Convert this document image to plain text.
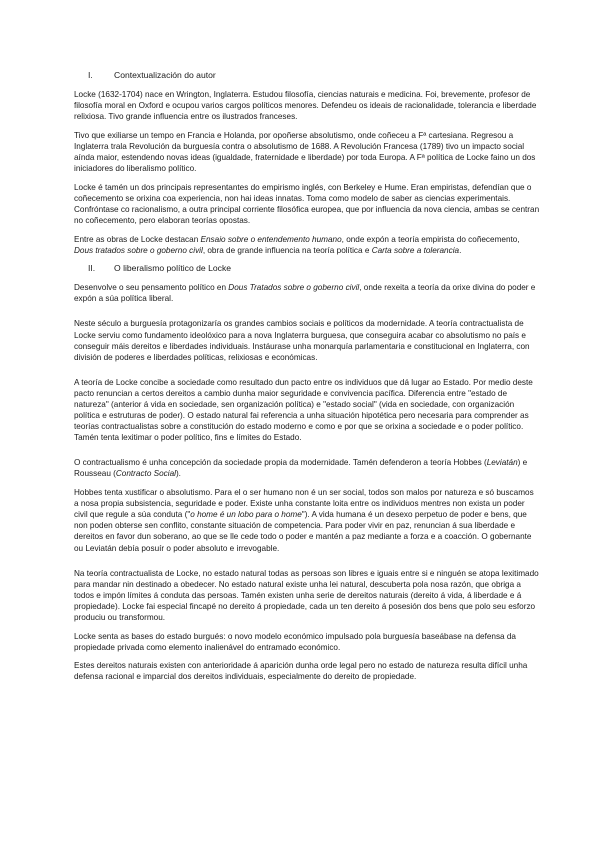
I.	Contextualización do autor

Locke (1632-1704) nace en Wrington, Inglaterra. Estudou filosofía, ciencias naturais e medicina. Foi, brevemente, profesor de filosofía moral en Oxford e ocupou varios cargos políticos menores. Defendeu os ideais de racionalidade, tolerancia e liberdade relixiosa. Tivo grande influencia entre os ilustrados franceses.

Tivo que exiliarse un tempo en Francia e Holanda, por opoñerse absolutismo, onde coñeceu a Fª cartesiana. Regresou a Inglaterra trala Revolución da burguesía contra o absolutismo de 1688. A Revolución Francesa (1789) tivo un impacto social aínda maior, estendendo novas ideas (igualdade, fraternidade e liberdade) por toda Europa. A Fª política de Locke faino un dos iniciadores do liberalismo político.

Locke é tamén un dos principais representantes do empirismo inglés, con Berkeley e Hume. Eran empiristas, defendían que o coñecemento se orixina coa experiencia, non hai ideas innatas. Toma como modelo de saber as ciencias experimentais. Confróntase co racionalismo, a outra principal corriente filosófica europea, que por influencia da nova ciencia, ambas se centran no coñecemento, pero elaboran teorías opostas.

Entre as obras de Locke destacan Ensaio sobre o entendemento humano, onde expón a teoría empirista do coñecemento, Dous tratados sobre o goberno civil, obra de grande influencia na teoría política e Carta sobre a tolerancia.

II.	O liberalismo político de Locke

Desenvolve o seu pensamento político en Dous Tratados sobre o goberno civil, onde rexeita a teoría da orixe divina do poder e expón a súa política liberal.

Neste século a burguesía protagonizaría os grandes cambios sociais e políticos da modernidade. A teoría contractualista de Locke serviu como fundamento ideolóxico para a nova Inglaterra burguesa, que conseguira acabar co absolutismo no país e conseguir máis dereitos e liberdades individuais. Instáurase unha monarquía parlamentaria e constitucional en Inglaterra, con división de poderes e liberdades políticas, relixiosas e económicas.

A teoría de Locke concibe a sociedade como resultado dun pacto entre os individuos que dá lugar ao Estado. Por medio deste pacto renuncian a certos dereitos a cambio dunha maior seguridade e convivencia pacífica. Diferencia entre "estado de natureza" (anterior á vida en sociedade, sen organización política) e "estado social" (vida en sociedade, con organización política e estruturas de poder). O estado natural fai referencia a unha situación hipotética pero necesaria para comprender as teorías contractualistas sobre a constitución do estado moderno e como e por que se orixina a sociedade e o poder político. Tamén tenta lexitimar o poder político, fins e límites do Estado.

O contractualismo é unha concepción da sociedade propia da modernidade. Tamén defenderon a teoría Hobbes (Leviatán) e Rousseau (Contracto Social).

Hobbes tenta xustificar o absolutismo. Para el o ser humano non é un ser social, todos son malos por natureza e só buscamos a nosa propia subsistencia, seguridade e poder. Existe unha constante loita entre os individuos mentres non exista un poder civil que regule a súa conduta ("o home é un lobo para o home"). A vida humana é un desexo perpetuo de poder e bens, que non poden obterse sen conflito, constante situación de competencia. Para poder vivir en paz, renuncian á sua liberdade e dereitos en favor dun soberano, ao que se lle cede todo o poder e mantén a paz mediante a forza e a coacción. O gobernante ou Leviatán debía posuír o poder absoluto e irrevogable.

Na teoría contractualista de Locke, no estado natural todas as persoas son libres e iguais entre si e ninguén se atopa lexitimado para mandar nin destinado a obedecer. No estado natural existe unha lei natural, descuberta pola nosa razón, que obriga a todos e impón límites á conduta das persoas. Tamén existen unha serie de dereitos naturais (dereito á vida, á liberdade e á propiedade). Locke fai especial fincapé no dereito á propiedade, cada un ten dereito á posesión dos bens que polo seu esforzo produciu ou transformou.

Locke senta as bases do estado burgués: o novo modelo económico impulsado pola burguesía baseábase na defensa da propiedade privada como elemento inalienável do entramado económico.

Estes dereitos naturais existen con anterioridade á aparición dunha orde legal pero no estado de natureza resulta difícil unha defensa racional e imparcial dos dereitos individuais, especialmente do dereito de propiedade.
